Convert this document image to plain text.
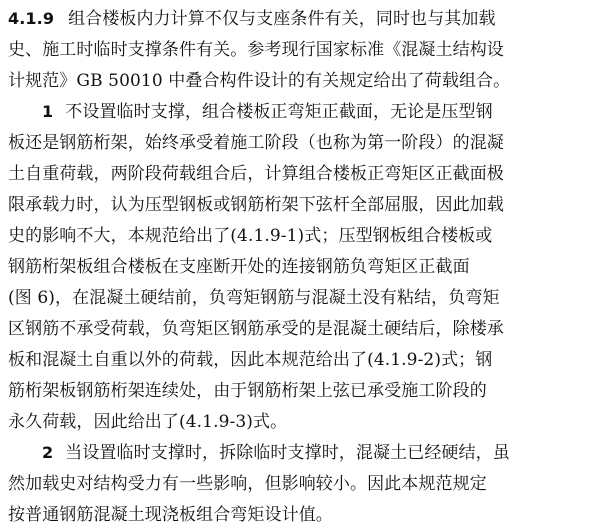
4.1.9 组合楼板内力计算不仅与支座条件有关，同时也与其加载
史、施工时临时支撑条件有关。参考现行国家标准《混凝土结构设
计规范》GB 50010 中叠合构件设计的有关规定给出了荷载组合。
1 不设置临时支撑，组合楼板正弯矩正截面，无论是压型钢
板还是钢筋桁架，始终承受着施工阶段（也称为第一阶段）的混凝
土自重荷载，两阶段荷载组合后，计算组合楼板正弯矩区正截面极
限承载力时，认为压型钢板或钢筋桁架下弦杆全部屈服，因此加载
史的影响不大，本规范给出了(4.1.9-1)式；压型钢板组合楼板或
钢筋桁架板组合楼板在支座断开处的连接钢筋负弯矩区正截面
(图 6)，在混凝土硬结前，负弯矩钢筋与混凝土没有粘结，负弯矩
区钢筋不承受荷载，负弯矩区钢筋承受的是混凝土硬结后，除楼承
板和混凝土自重以外的荷载，因此本规范给出了(4.1.9-2)式；钢
筋桁架板钢筋桁架连续处，由于钢筋桁架上弦已承受施工阶段的
永久荷载，因此给出了(4.1.9-3)式。
2 当设置临时支撑时，拆除临时支撑时，混凝土已经硬结，虽
然加载史对结构受力有一些影响，但影响较小。因此本规范规定
按普通钢筋混凝土现浇板组合弯矩设计值。
